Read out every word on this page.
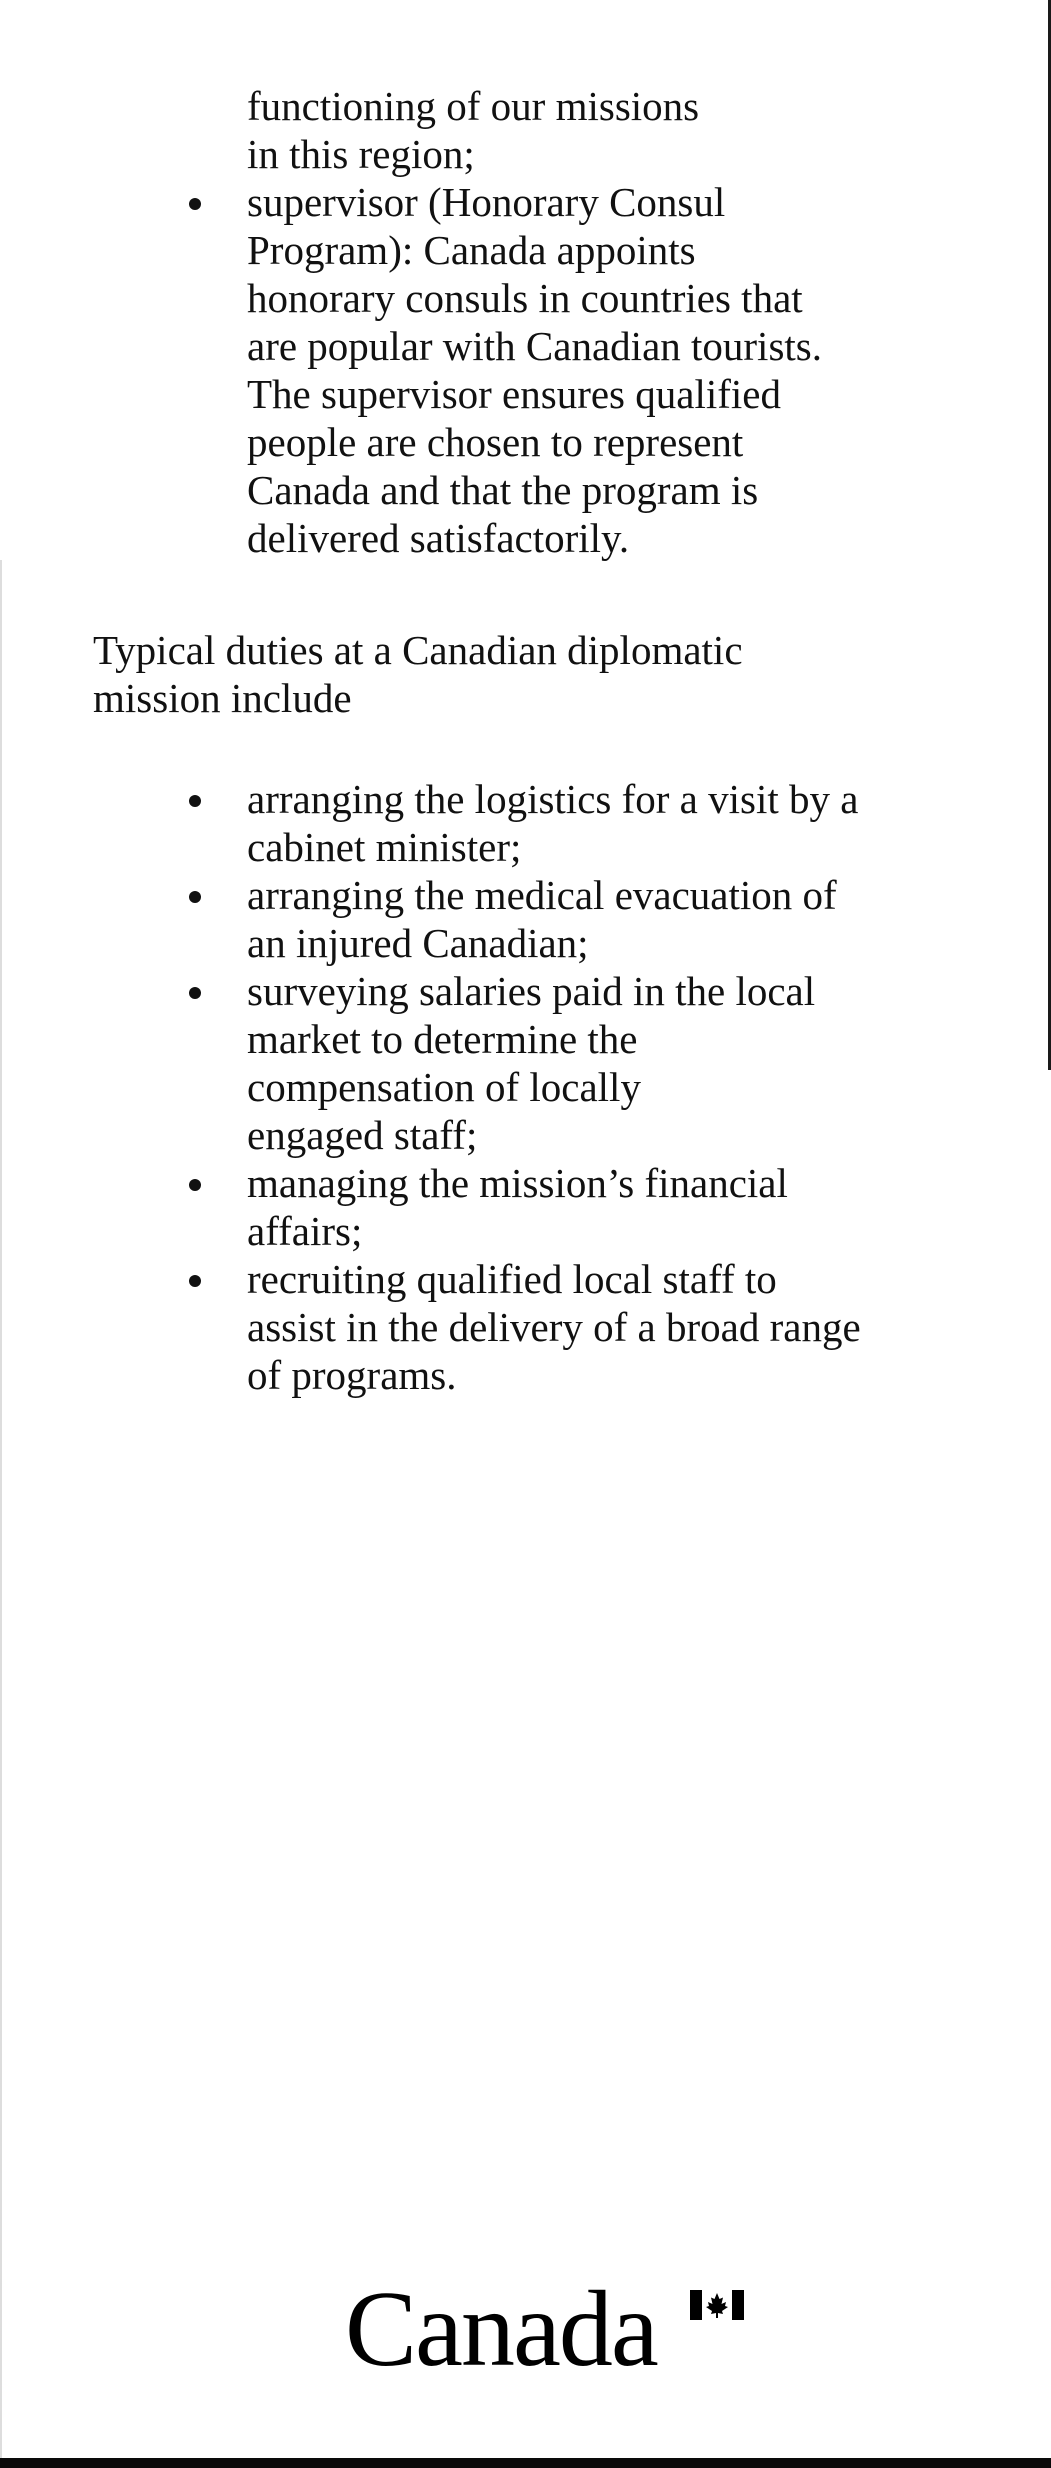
functioning of our missions

in this region;

supervisor (Honorary Consul
Program): Canada appoints
honorary consuls in countries that
are popular with Canadian tourists.
The supervisor ensures qualified
people are chosen to represent
Canada and that the program is
delivered satisfactorily.
Typical duties at a Canadian diplomatic
mission include
arranging the logistics for a visit by a
cabinet minister;
arranging the medical evacuation of
an injured Canadian;
surveying salaries paid in the local
market to determine the
compensation of locally
engaged staff;
managing the mission’s financial
affairs;
recruiting qualified local staff to
assist in the delivery of a broad range
of programs.
Canada
